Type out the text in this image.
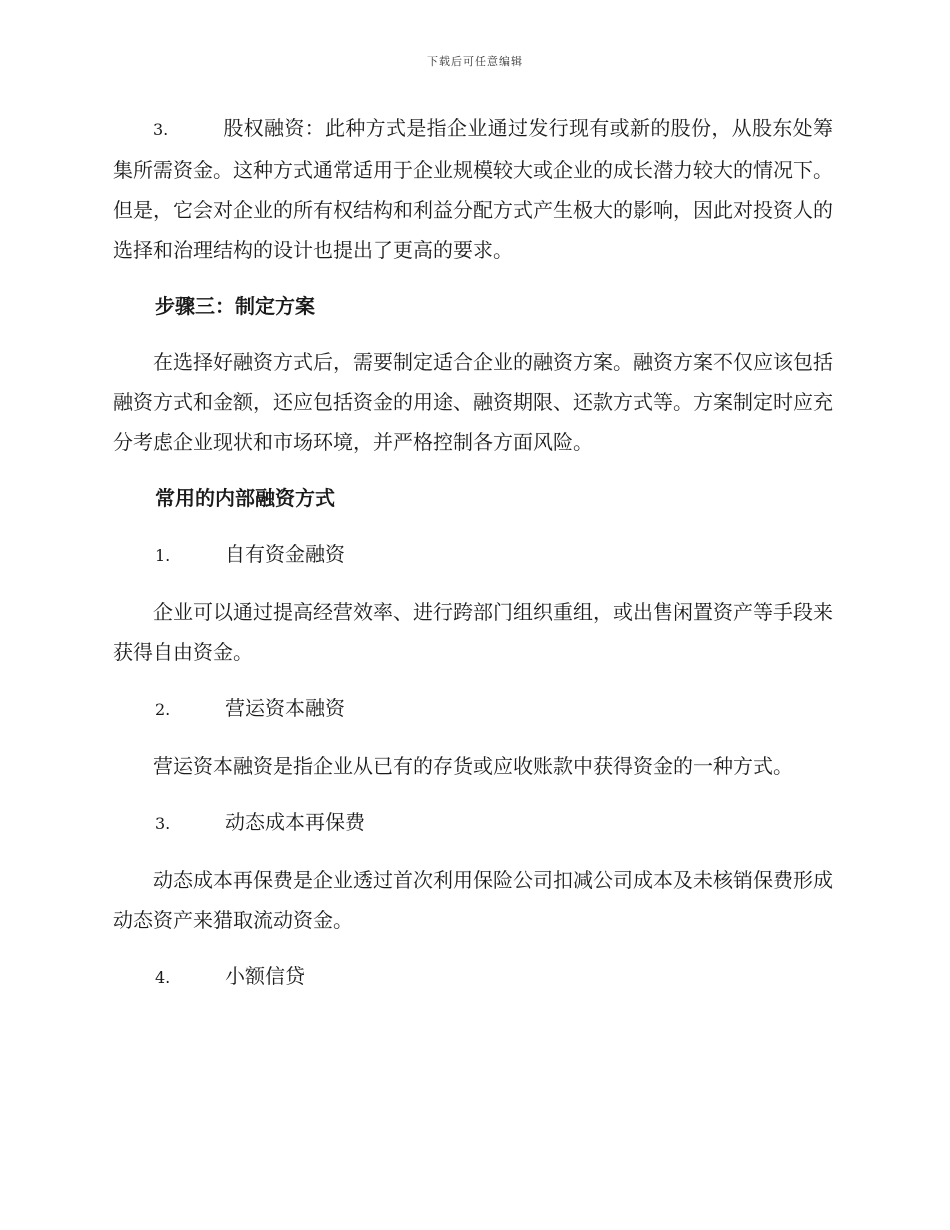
下载后可任意编辑

3.	股权融资：此种方式是指企业通过发行现有或新的股份，从股东处筹集所需资金。这种方式通常适用于企业规模较大或企业的成长潜力较大的情况下。但是，它会对企业的所有权结构和利益分配方式产生极大的影响，因此对投资人的选择和治理结构的设计也提出了更高的要求。

步骤三：制定方案

在选择好融资方式后，需要制定适合企业的融资方案。融资方案不仅应该包括融资方式和金额，还应包括资金的用途、融资期限、还款方式等。方案制定时应充分考虑企业现状和市场环境，并严格控制各方面风险。

常用的内部融资方式
1.	自有资金融资

企业可以通过提高经营效率、进行跨部门组织重组，或出售闲置资产等手段来获得自由资金。

2.	营运资本融资

营运资本融资是指企业从已有的存货或应收账款中获得资金的一种方式。

3.	动态成本再保费

动态成本再保费是企业透过首次利用保险公司扣减公司成本及未核销保费形成动态资产来猎取流动资金。

4.	小额信贷
